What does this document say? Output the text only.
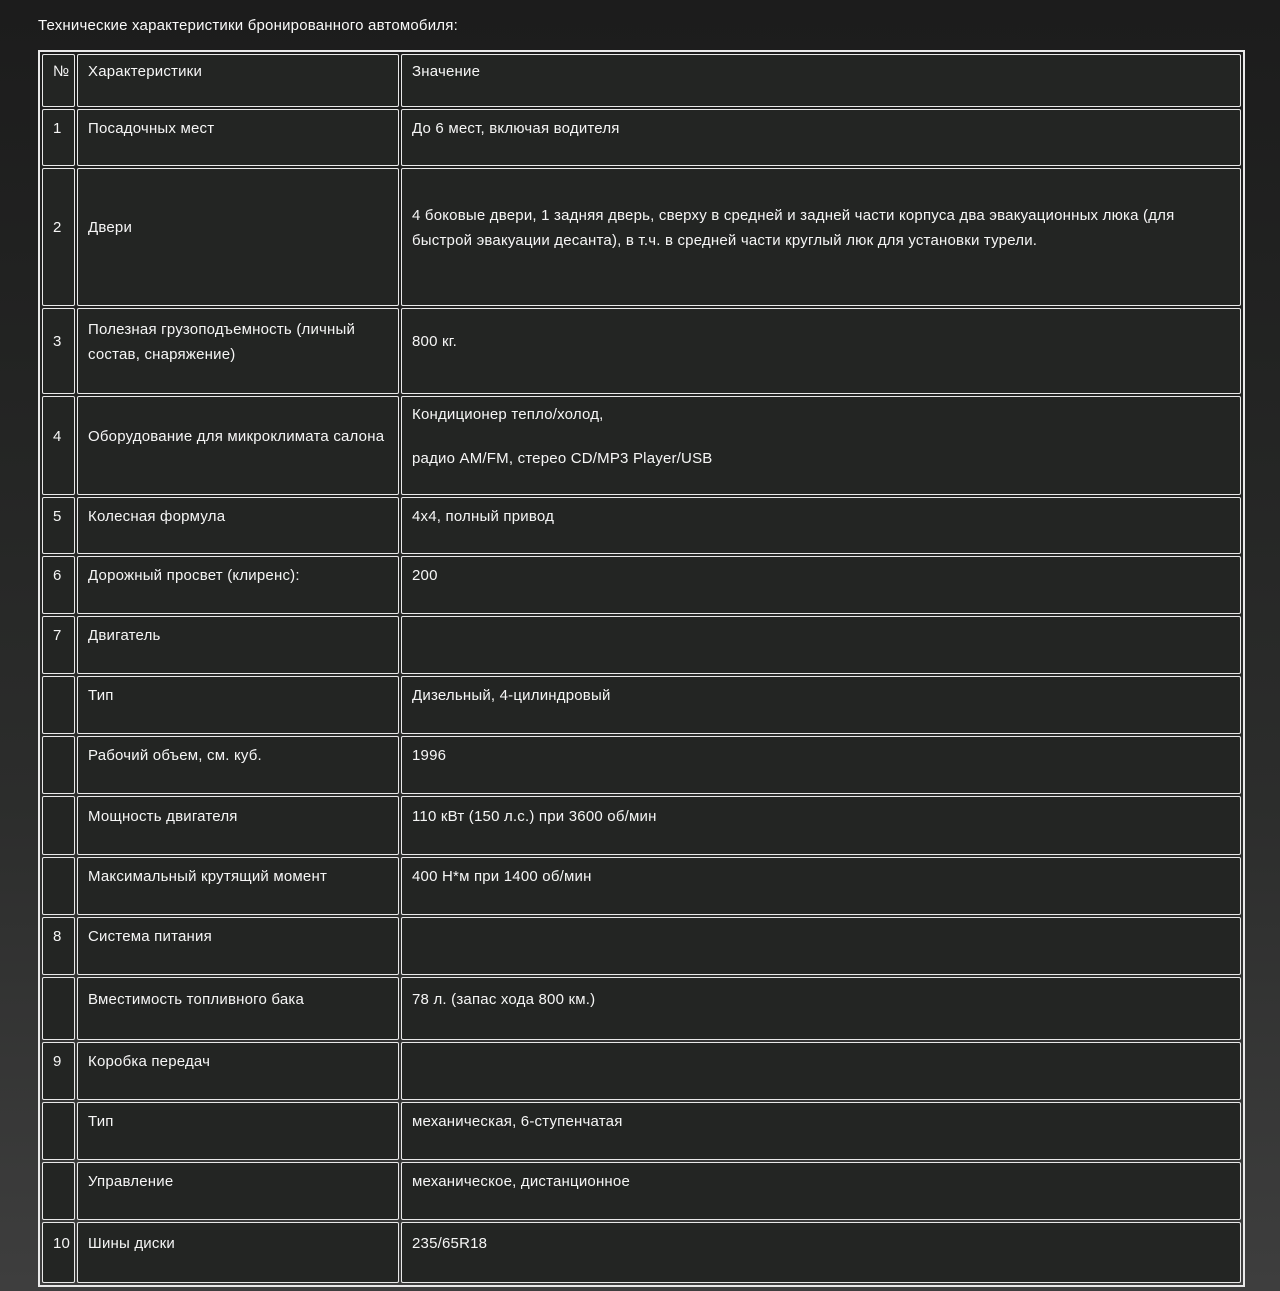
Технические характеристики бронированного автомобиля:

№	Характеристики	Значение

1	Посадочных мест	До 6 мест, включая водителя

2	Двери	4 боковые двери, 1 задняя дверь, сверху в средней и задней части корпуса два эвакуационных люка (для быстрой эвакуации десанта), в т.ч. в средней части круглый люк для установки турели.

3	Полезная грузоподъемность (личный состав, снаряжение)	800 кг.

4	Оборудование для микроклимата салона	Кондиционер тепло/холод,

радио AM/FM, стерео CD/MP3 Player/USB

5	Колесная формула	4x4, полный привод

6	Дорожный просвет (клиренс):	200

7	Двигатель	

	Тип	Дизельный, 4-цилиндровый

	Рабочий объем, см. куб.	1996

	Мощность двигателя	110 кВт (150 л.с.) при 3600 об/мин

	Максимальный крутящий момент	400 Н*м при 1400 об/мин

8	Система питания	

	Вместимость топливного бака	78 л. (запас хода 800 км.)

9	Коробка передач	

	Тип	механическая, 6-ступенчатая

	Управление	механическое, дистанционное

10	Шины диски	235/65R18
